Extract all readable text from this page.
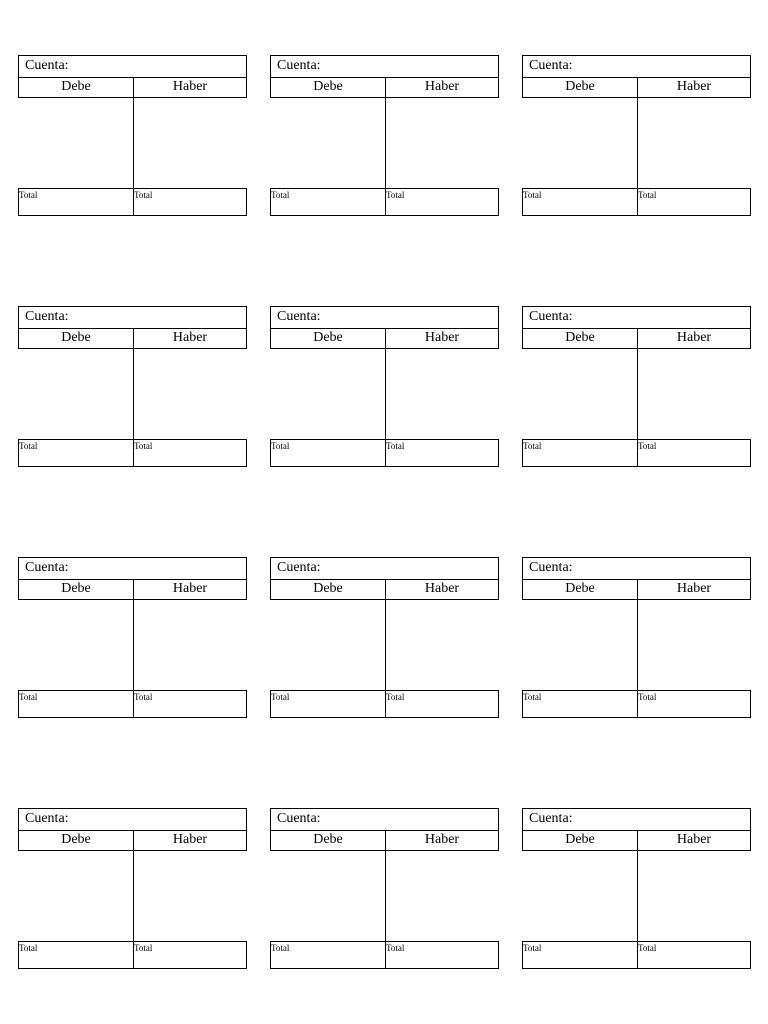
Cuenta:
Debe	Haber
Total	Total
Cuenta:
Debe	Haber
Total	Total
Cuenta:
Debe	Haber
Total	Total
Cuenta:
Debe	Haber
Total	Total
Cuenta:
Debe	Haber
Total	Total
Cuenta:
Debe	Haber
Total	Total
Cuenta:
Debe	Haber
Total	Total
Cuenta:
Debe	Haber
Total	Total
Cuenta:
Debe	Haber
Total	Total
Cuenta:
Debe	Haber
Total	Total
Cuenta:
Debe	Haber
Total	Total
Cuenta:
Debe	Haber
Total	Total
